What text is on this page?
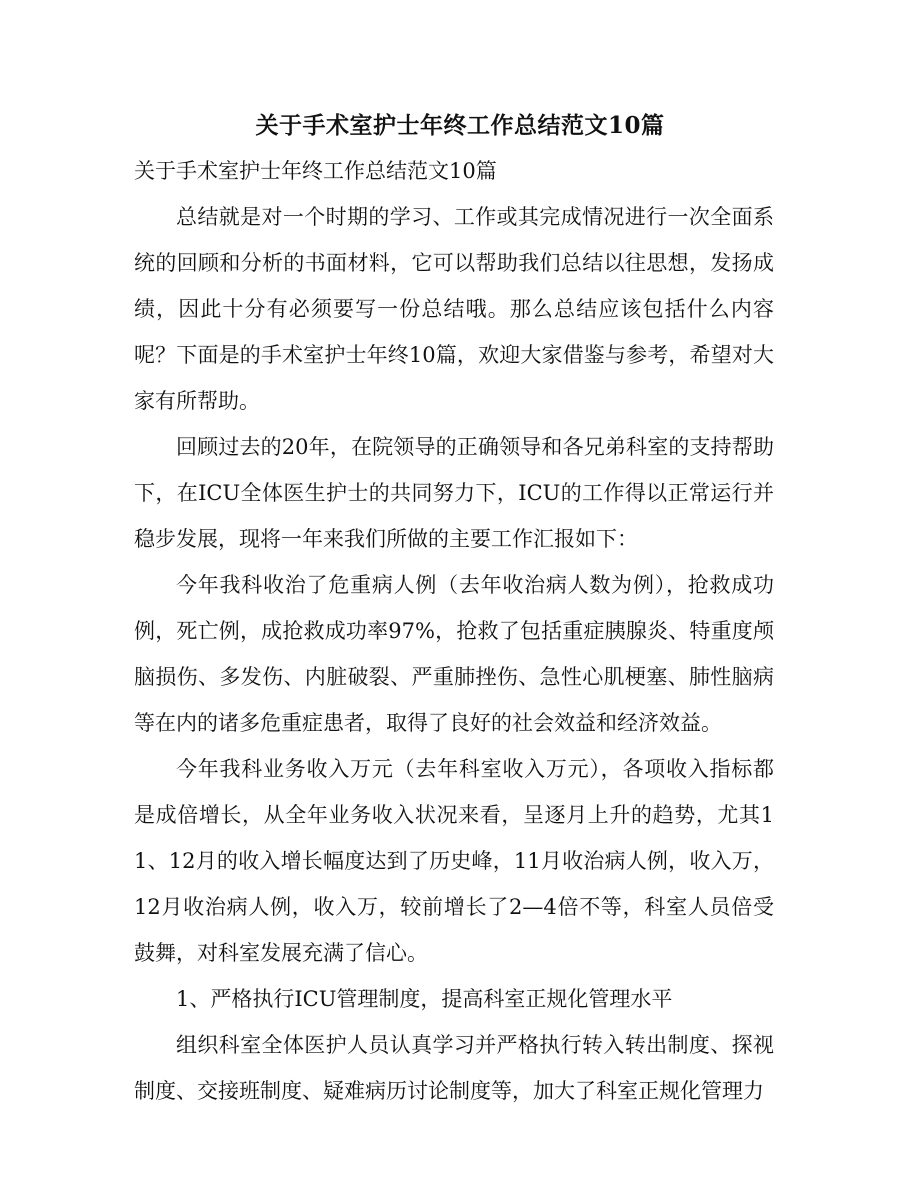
关于手术室护士年终工作总结范文10篇

关于手术室护士年终工作总结范文10篇

总结就是对一个时期的学习、工作或其完成情况进行一次全面系统的回顾和分析的书面材料，它可以帮助我们总结以往思想，发扬成绩，因此十分有必须要写一份总结哦。那么总结应该包括什么内容呢？下面是的手术室护士年终10篇，欢迎大家借鉴与参考，希望对大家有所帮助。

回顾过去的20年，在院领导的正确领导和各兄弟科室的支持帮助下，在ICU全体医生护士的共同努力下，ICU的工作得以正常运行并稳步发展，现将一年来我们所做的主要工作汇报如下：

今年我科收治了危重病人例（去年收治病人数为例），抢救成功例，死亡例，成抢救成功率97%，抢救了包括重症胰腺炎、特重度颅脑损伤、多发伤、内脏破裂、严重肺挫伤、急性心肌梗塞、肺性脑病等在内的诸多危重症患者，取得了良好的社会效益和经济效益。

今年我科业务收入万元（去年科室收入万元），各项收入指标都是成倍增长，从全年业务收入状况来看，呈逐月上升的趋势，尤其11、12月的收入增长幅度达到了历史峰，11月收治病人例，收入万，12月收治病人例，收入万，较前增长了2—4倍不等，科室人员倍受鼓舞，对科室发展充满了信心。

1、严格执行ICU管理制度，提高科室正规化管理水平

组织科室全体医护人员认真学习并严格执行转入转出制度、探视制度、交接班制度、疑难病历讨论制度等，加大了科室正规化管理力
